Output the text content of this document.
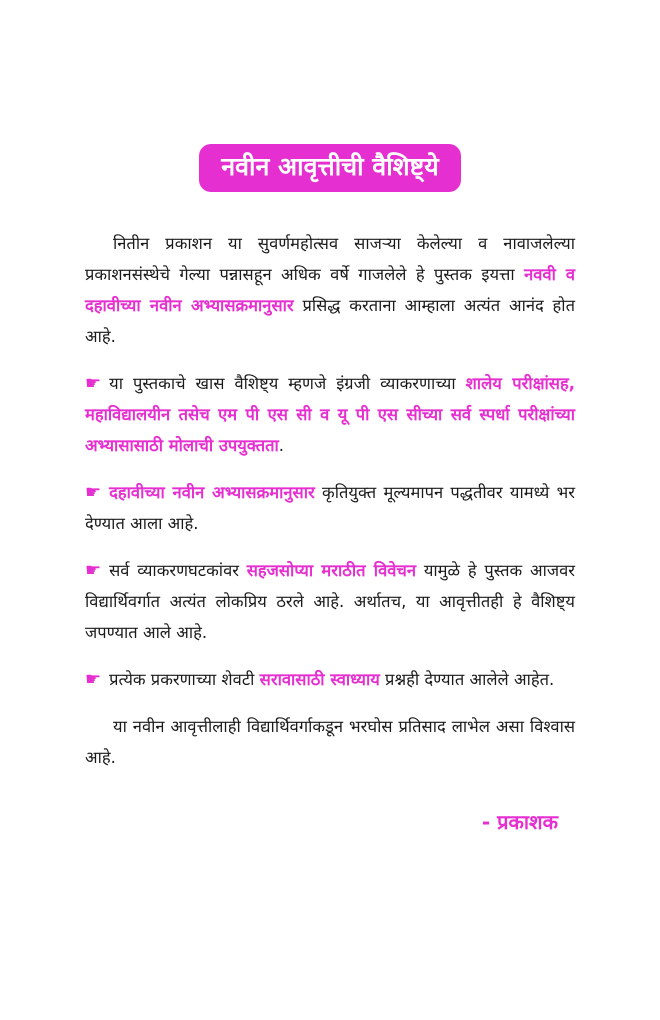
नवीन आवृत्तीची वैशिष्ट्ये

नितीन प्रकाशन या सुवर्णमहोत्सव साजऱ्या केलेल्या व नावाजलेल्या प्रकाशनसंस्थेचे गेल्या पन्नासहून अधिक वर्षे गाजलेले हे पुस्तक इयत्ता नववी व दहावीच्या नवीन अभ्यासक्रमानुसार प्रसिद्ध करताना आम्हाला अत्यंत आनंद होत आहे.

☛ या पुस्तकाचे खास वैशिष्ट्य म्हणजे इंग्रजी व्याकरणाच्या शालेय परीक्षांसह, महाविद्यालयीन तसेच एम पी एस सी व यू पी एस सीच्या सर्व स्पर्धा परीक्षांच्या अभ्यासासाठी मोलाची उपयुक्तता.

☛ दहावीच्या नवीन अभ्यासक्रमानुसार कृतियुक्त मूल्यमापन पद्धतीवर यामध्ये भर देण्यात आला आहे.

☛ सर्व व्याकरणघटकांवर सहजसोप्या मराठीत विवेचन यामुळे हे पुस्तक आजवर विद्यार्थिवर्गात अत्यंत लोकप्रिय ठरले आहे. अर्थातच, या आवृत्तीतही हे वैशिष्ट्य जपण्यात आले आहे.

☛ प्रत्येक प्रकरणाच्या शेवटी सरावासाठी स्वाध्याय प्रश्नही देण्यात आलेले आहेत.

या नवीन आवृत्तीलाही विद्यार्थिवर्गाकडून भरघोस प्रतिसाद लाभेल असा विश्वास आहे.

- प्रकाशक
